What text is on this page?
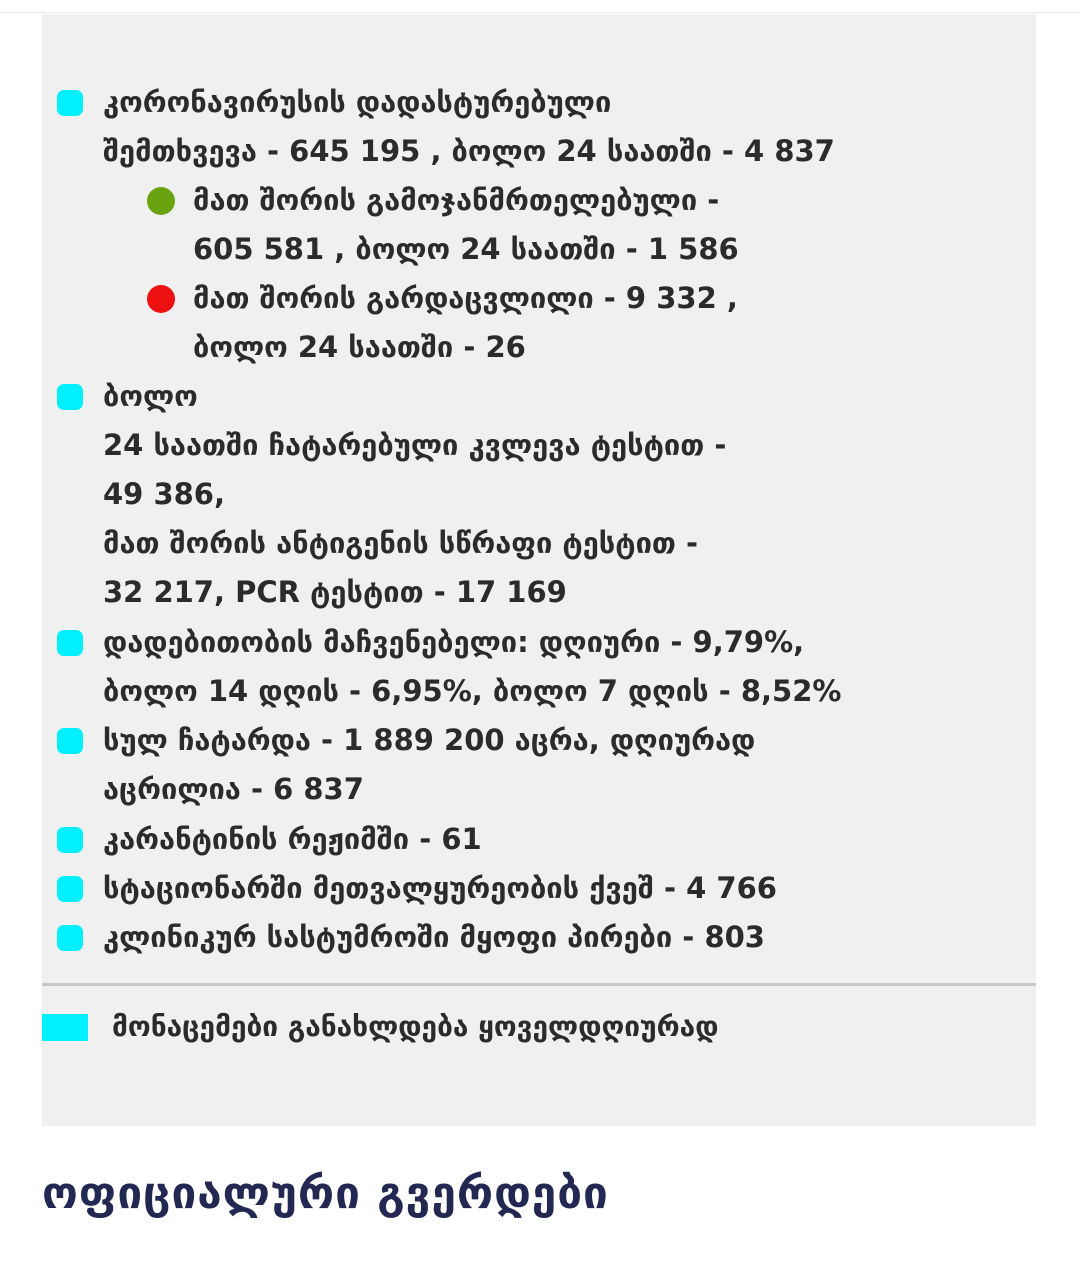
კორონავირუსის დადასტურებული
შემთხვევა - 645 195 , ბოლო 24 საათში - 4 837
მათ შორის გამოჯანმრთელებული -
605 581 , ბოლო 24 საათში - 1 586
მათ შორის გარდაცვლილი - 9 332 ,
ბოლო 24 საათში - 26
ბოლო
24 საათში ჩატარებული კვლევა ტესტით -
49 386,
მათ შორის ანტიგენის სწრაფი ტესტით -
32 217, PCR ტესტით - 17 169
დადებითობის მაჩვენებელი: დღიური - 9,79%,
ბოლო 14 დღის - 6,95%, ბოლო 7 დღის - 8,52%
სულ ჩატარდა - 1 889 200 აცრა, დღიურად
აცრილია - 6 837
კარანტინის რეჟიმში - 61
სტაციონარში მეთვალყურეობის ქვეშ - 4 766
კლინიკურ სასტუმროში მყოფი პირები - 803
მონაცემები განახლდება ყოველდღიურად
ოფიციალური გვერდები
